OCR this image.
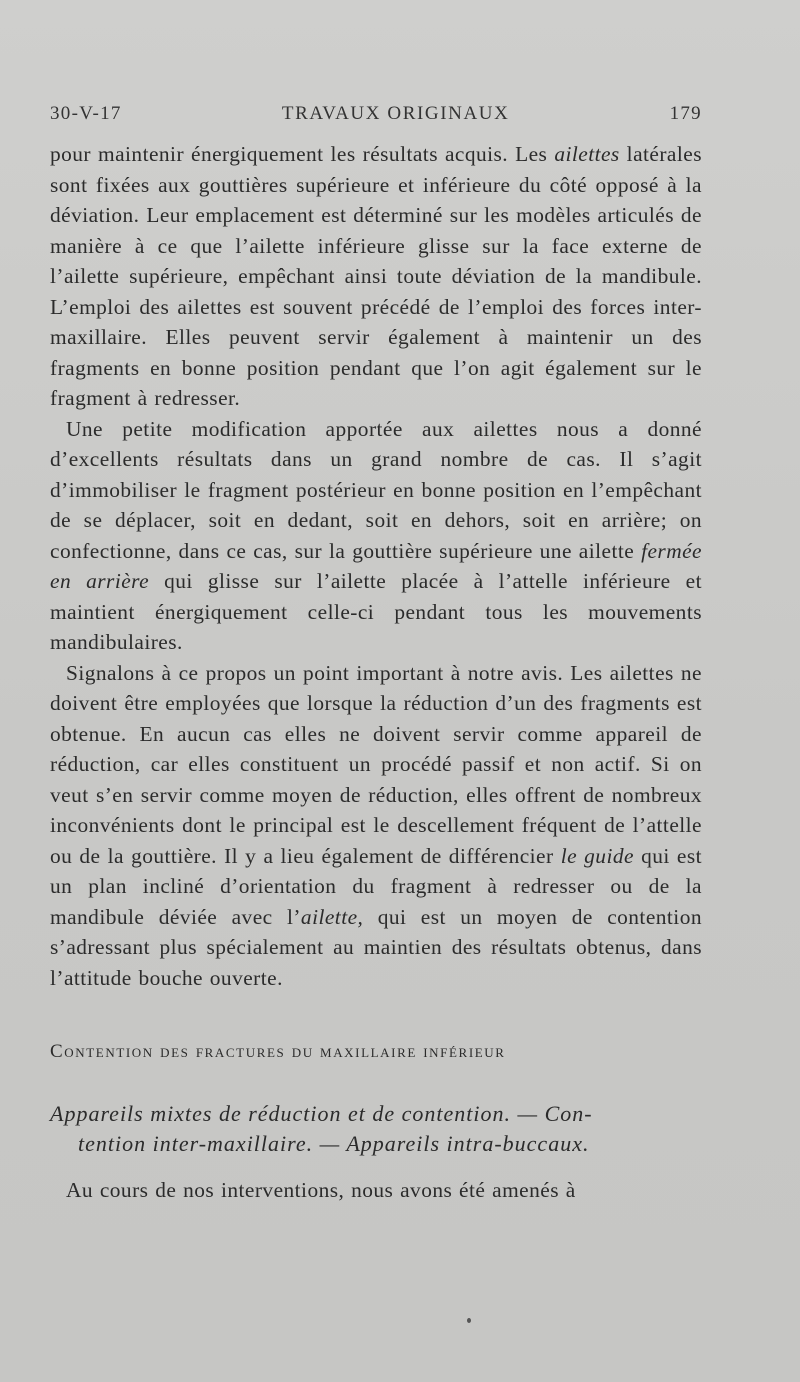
30-V-17	TRAVAUX ORIGINAUX	179

pour maintenir énergiquement les résultats acquis. Les ailettes latérales sont fixées aux gouttières supérieure et inférieure du côté opposé à la déviation. Leur emplacement est déterminé sur les modèles articulés de manière à ce que l’ailette inférieure glisse sur la face externe de l’ailette supérieure, empêchant ainsi toute déviation de la mandibule. L’emploi des ailettes est souvent précédé de l’emploi des forces inter-maxillaire. Elles peuvent servir également à maintenir un des fragments en bonne position pendant que l’on agit également sur le fragment à redresser.

Une petite modification apportée aux ailettes nous a donné d’excellents résultats dans un grand nombre de cas. Il s’agit d’immobiliser le fragment postérieur en bonne position en l’empêchant de se déplacer, soit en dedant, soit en dehors, soit en arrière; on confectionne, dans ce cas, sur la gouttière supérieure une ailette fermée en arrière qui glisse sur l’ailette placée à l’attelle inférieure et maintient énergiquement celle-ci pendant tous les mouvements mandibulaires.

Signalons à ce propos un point important à notre avis. Les ailettes ne doivent être employées que lorsque la réduction d’un des fragments est obtenue. En aucun cas elles ne doivent servir comme appareil de réduction, car elles constituent un procédé passif et non actif. Si on veut s’en servir comme moyen de réduction, elles offrent de nombreux inconvénients dont le principal est le descellement fréquent de l’attelle ou de la gouttière. Il y a lieu également de différencier le guide qui est un plan incliné d’orientation du fragment à redresser ou de la mandibule déviée avec l’ailette, qui est un moyen de contention s’adressant plus spécialement au maintien des résultats obtenus, dans l’attitude bouche ouverte.

Contention des fractures du maxillaire inférieur
Appareils mixtes de réduction et de contention. — Con-
tention inter-maxillaire. — Appareils intra-buccaux.

Au cours de nos interventions, nous avons été amenés à
